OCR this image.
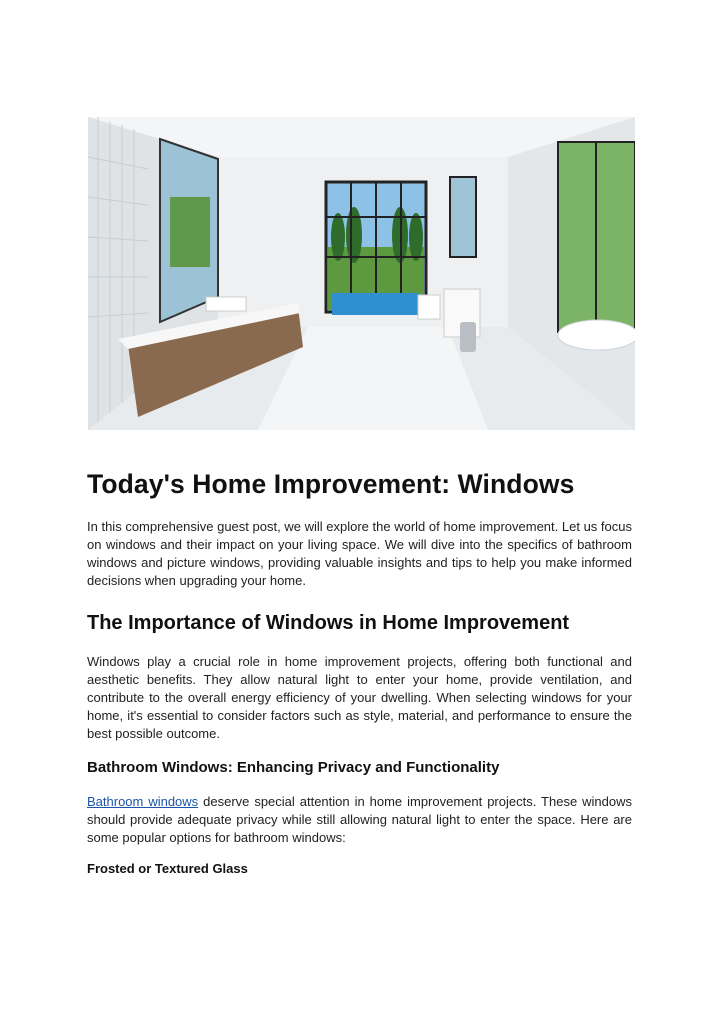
Today's Home Improvement: Windows

In this comprehensive guest post, we will explore the world of home improvement. Let us focus on windows and their impact on your living space. We will dive into the specifics of bathroom windows and picture windows, providing valuable insights and tips to help you make informed decisions when upgrading your home.

The Importance of Windows in Home Improvement

Windows play a crucial role in home improvement projects, offering both functional and aesthetic benefits. They allow natural light to enter your home, provide ventilation, and contribute to the overall energy efficiency of your dwelling. When selecting windows for your home, it's essential to consider factors such as style, material, and performance to ensure the best possible outcome.

Bathroom Windows: Enhancing Privacy and Functionality

Bathroom windows deserve special attention in home improvement projects. These windows should provide adequate privacy while still allowing natural light to enter the space. Here are some popular options for bathroom windows:

Frosted or Textured Glass
